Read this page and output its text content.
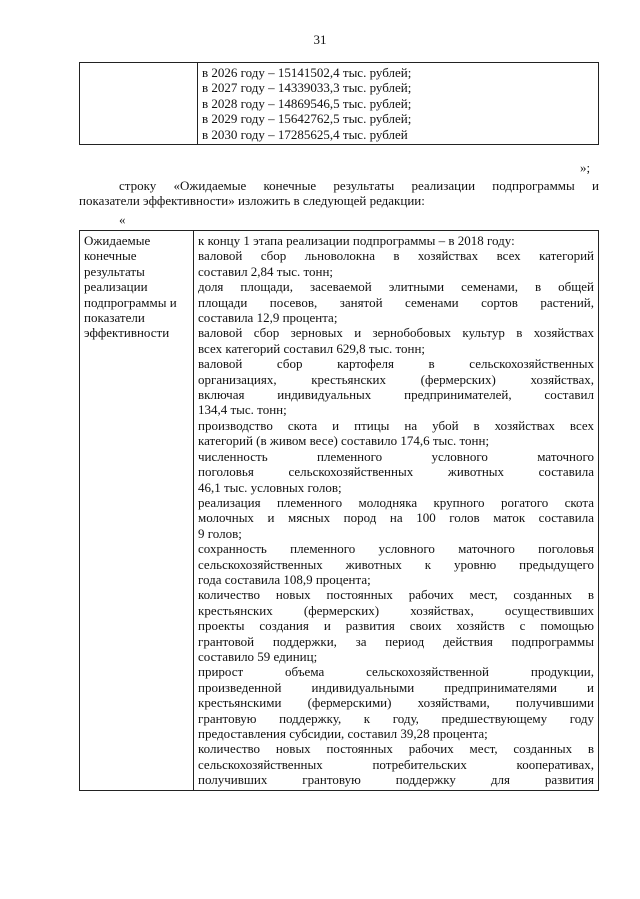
31

в 2026 году – 15141502,4 тыс. рублей;
в 2027 году – 14339033,3 тыс. рублей;
в 2028 году – 14869546,5 тыс. рублей;
в 2029 году – 15642762,5 тыс. рублей;
в 2030 году – 17285625,4 тыс. рублей
»;
строку «Ожидаемые конечные результаты реализации подпрограммы и
показатели эффективности» изложить в следующей редакции:
«
Ожидаемые
конечные
результаты
реализации
подпрограммы и
показатели
эффективности

к концу 1 этапа реализации подпрограммы – в 2018 году:
валовой сбор льноволокна в хозяйствах всех категорий
составил 2,84 тыс. тонн;
доля площади, засеваемой элитными семенами, в общей
площади посевов, занятой семенами сортов растений,
составила 12,9 процента;
валовой сбор зерновых и зернобобовых культур в хозяйствах
всех категорий составил 629,8 тыс. тонн;
валовой сбор картофеля в сельскохозяйственных
организациях, крестьянских (фермерских) хозяйствах,
включая индивидуальных предпринимателей, составил
134,4 тыс. тонн;
производство скота и птицы на убой в хозяйствах всех
категорий (в живом весе) составило 174,6 тыс. тонн;
численность племенного условного маточного
поголовья сельскохозяйственных животных составила
46,1 тыс. условных голов;
реализация племенного молодняка крупного рогатого скота
молочных и мясных пород на 100 голов маток составила
9 голов;
сохранность племенного условного маточного поголовья
сельскохозяйственных животных к уровню предыдущего
года составила 108,9 процента;
количество новых постоянных рабочих мест, созданных в
крестьянских (фермерских) хозяйствах, осуществивших
проекты создания и развития своих хозяйств с помощью
грантовой поддержки, за период действия подпрограммы
составило 59 единиц;
прирост объема сельскохозяйственной продукции,
произведенной индивидуальными предпринимателями и
крестьянскими (фермерскими) хозяйствами, получившими
грантовую поддержку, к году, предшествующему году
предоставления субсидии, составил 39,28 процента;
количество новых постоянных рабочих мест, созданных в
сельскохозяйственных потребительских кооперативах,
получивших грантовую поддержку для развития
